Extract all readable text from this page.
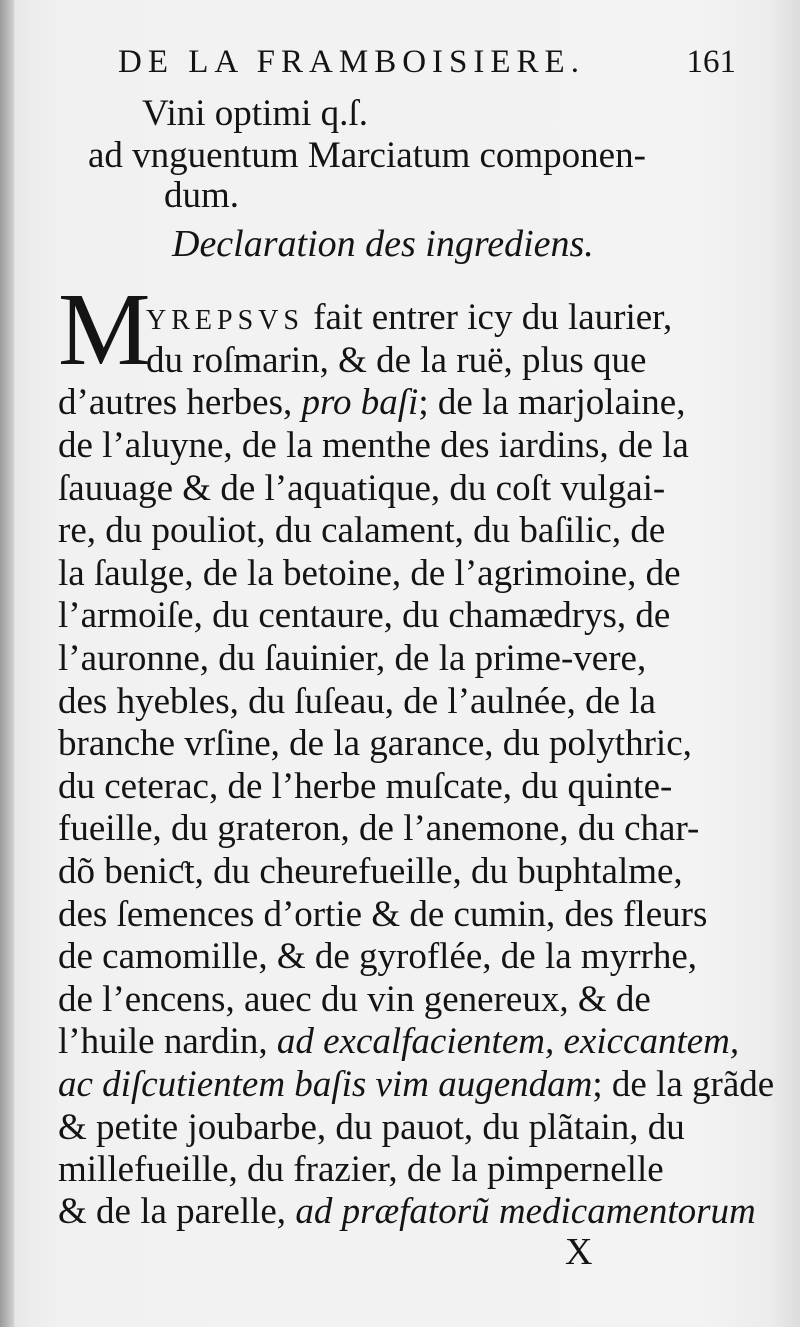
DE LA FRAMBOISIERE.	161
Vini optimi q.ſ.
ad vnguentum Marciatum componen-
dum.
Declaration des ingrediens.
M
YREPSVS fait entrer icy du laurier,
du roſmarin, & de la ruë, plus que
d’autres herbes, pro baſi; de la marjolaine,
de l’aluyne, de la menthe des iardins, de la
ſauuage & de l’aquatique, du coſt vulgai-
re, du pouliot, du calament, du baſilic, de
la ſaulge, de la betoine, de l’agrimoine, de
l’armoiſe, du centaure, du chamædrys, de
l’auronne, du ſauinier, de la prime-vere,
des hyebles, du ſuſeau, de l’aulnée, de la
branche vrſine, de la garance, du polythric,
du ceterac, de l’herbe muſcate, du quinte-
fueille, du grateron, de l’anemone, du char-
dõ beniƈt, du cheurefueille, du buphtalme,
des ſemences d’ortie & de cumin, des fleurs
de camomille, & de gyroflée, de la myrrhe,
de l’encens, auec du vin genereux, & de
l’huile nardin, ad excalfacientem, exiccantem,
ac diſcutientem baſis vim augendam; de la grãde
& petite joubarbe, du pauot, du plãtain, du
millefueille, du frazier, de la pimpernelle
& de la parelle, ad præfatorũ medicamentorum
X
